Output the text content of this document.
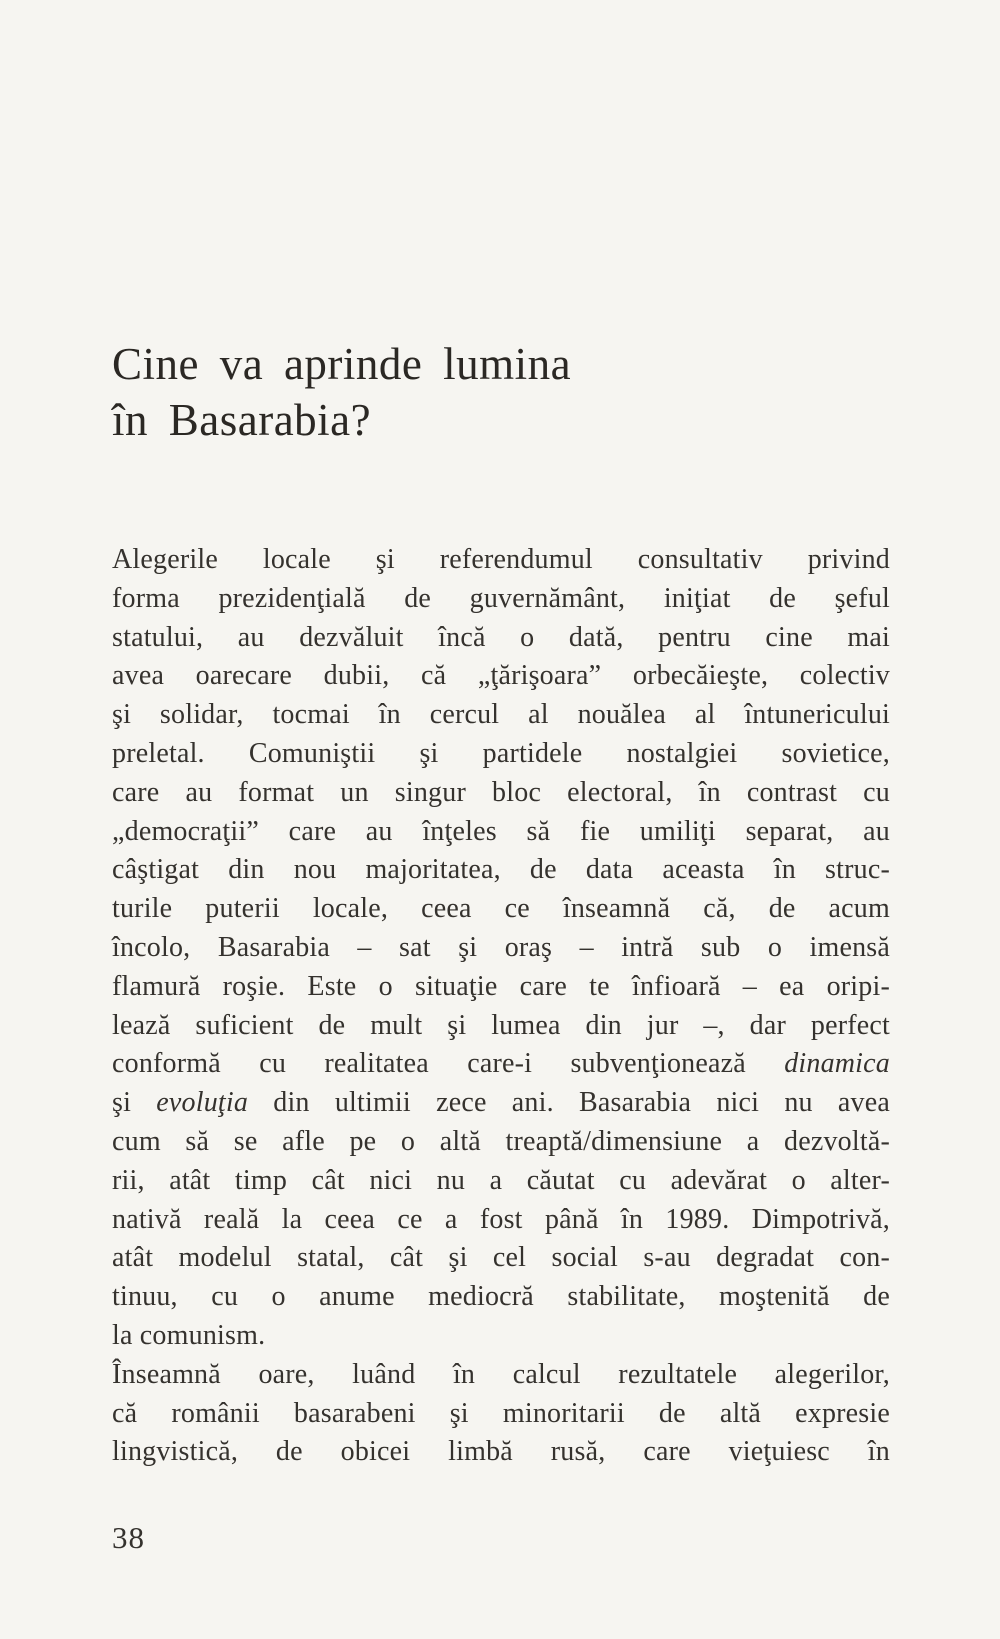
Cine va aprinde lumina
în Basarabia?
Alegerile locale şi referendumul consultativ privind
forma prezidenţială de guvernământ, iniţiat de şeful
statului, au dezvăluit încă o dată, pentru cine mai
avea oarecare dubii, că „ţărişoara” orbecăieşte, colectiv
şi solidar, tocmai în cercul al nouălea al întunericului
preletal. Comuniştii şi partidele nostalgiei sovietice,
care au format un singur bloc electoral, în contrast cu
„democraţii” care au înţeles să fie umiliţi separat, au
câştigat din nou majoritatea, de data aceasta în struc-
turile puterii locale, ceea ce înseamnă că, de acum
încolo, Basarabia – sat şi oraş – intră sub o imensă
flamură roşie. Este o situaţie care te înfioară – ea oripi-
lează suficient de mult şi lumea din jur –, dar perfect
conformă cu realitatea care-i subvenţionează dinamica
şi evoluţia din ultimii zece ani. Basarabia nici nu avea
cum să se afle pe o altă treaptă/dimensiune a dezvoltă-
rii, atât timp cât nici nu a căutat cu adevărat o alter-
nativă reală la ceea ce a fost până în 1989. Dimpotrivă,
atât modelul statal, cât şi cel social s-au degradat con-
tinuu, cu o anume mediocră stabilitate, moştenită de
la comunism.
Înseamnă oare, luând în calcul rezultatele alegerilor,
că românii basarabeni şi minoritarii de altă expresie
lingvistică, de obicei limbă rusă, care vieţuiesc în
38
